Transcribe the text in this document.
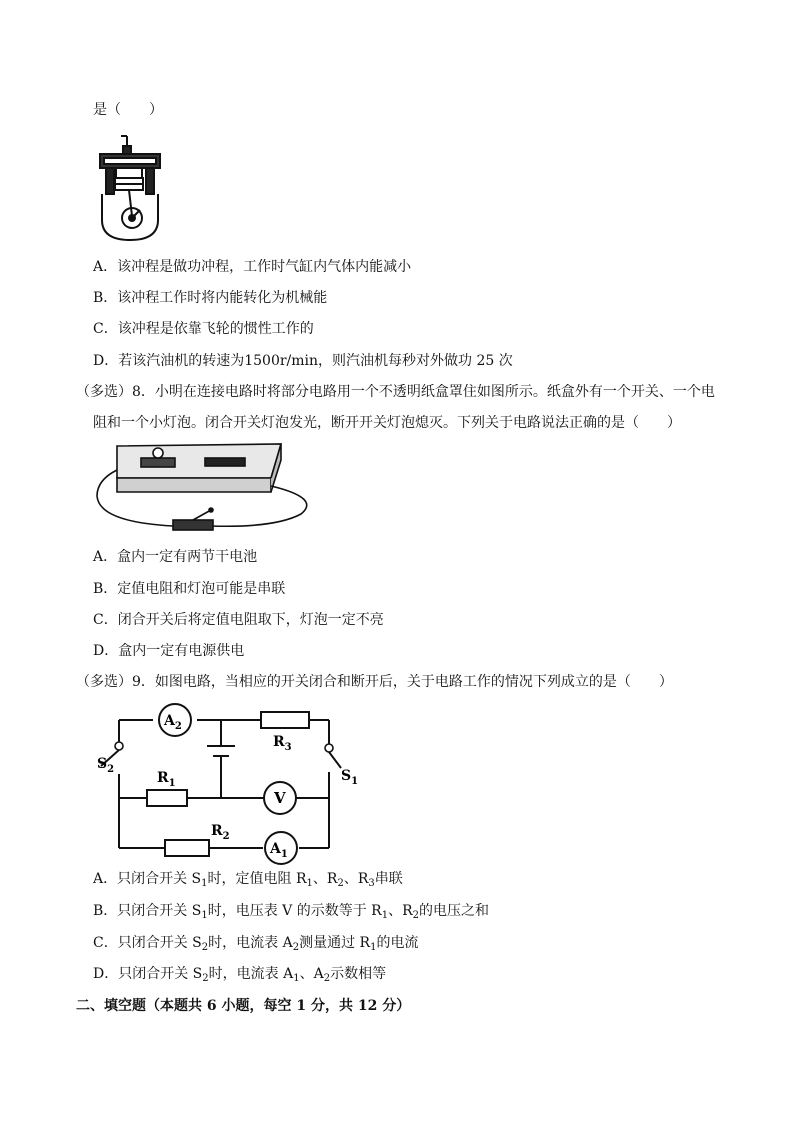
是（　　）
A．该冲程是做功冲程，工作时气缸内气体内能减小
B．该冲程工作时将内能转化为机械能
C．该冲程是依靠飞轮的惯性工作的
D．若该汽油机的转速为1500r/min，则汽油机每秒对外做功 25 次
（多选）8．小明在连接电路时将部分电路用一个不透明纸盒罩住如图所示。纸盒外有一个开关、一个电
阻和一个小灯泡。闭合开关灯泡发光，断开开关灯泡熄灭。下列关于电路说法正确的是（　　）
A．盒内一定有两节干电池
B．定值电阻和灯泡可能是串联
C．闭合开关后将定值电阻取下，灯泡一定不亮
D．盒内一定有电源供电
（多选）9．如图电路，当相应的开关闭合和断开后，关于电路工作的情况下列成立的是（　　）
$A_2$
$R_3$
$S_2$
$R_1$	$S_1$
V
$R_2$
$A_1$
A．只闭合开关 $S_1$时，定值电阻 $R_1$、$R_2$、$R_3$串联
B．只闭合开关 $S_1$时，电压表 V 的示数等于 $R_1$、$R_2$的电压之和
C．只闭合开关 $S_2$时，电流表 $A_2$测量通过 $R_1$的电流
D．只闭合开关 $S_2$时，电流表 $A_1$、$A_2$示数相等
二、填空题（本题共 6 小题，每空 1 分，共 12 分）
